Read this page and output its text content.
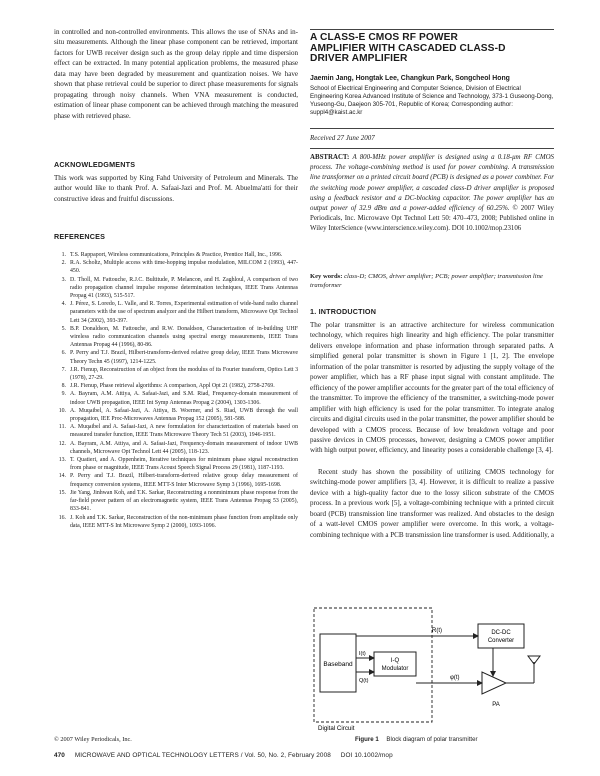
in controlled and non-controlled environments. This allows the use of SNAs and in-situ measurements. Although the linear phase component can be retrieved, important factors for UWB receiver design such as the group delay ripple and time dispersion effect can be extracted. In many potential application problems, the measured phase data may have been degraded by measurement and quantization noises. We have shown that phase retrieval could be superior to direct phase measurements for signals propagating through noisy channels. When VNA measurement is conducted, estimation of linear phase component can be achieved through matching the measured phase with retrieved phase.

ACKNOWLEDGMENTS

This work was supported by King Fahd University of Petroleum and Minerals. The author would like to thank Prof. A. Safaai-Jazi and Prof. M. Abuelma'atti for their constructive ideas and fruitful discussions.

REFERENCES

1. T.S. Rappaport, Wireless communications, Principles & Practice, Prentice Hall, Inc., 1996.
2. R.A. Scholtz, Multiple access with time-hopping impulse modulation, MILCOM 2 (1993), 447-450.
3. D. Tholl, M. Fattouche, R.J.C. Bultitude, P. Melancon, and H. Zaghloul, A comparison of two radio propagation channel impulse response determination techniques, IEEE Trans Antennas Propag 41 (1993), 515-517.
4. J. Pérez, S. Loredo, L. Valle, and R. Torres, Experimental estimation of wide-band radio channel parameters with the use of spectrum analyzer and the Hilbert transform, Microwave Opt Technol Lett 34 (2002), 393-397.
5. B.P. Donaldson, M. Fattouche, and R.W. Donaldson, Characterization of in-building UHF wireless radio communication channels using spectral energy measurements, IEEE Trans Antennas Propag 44 (1996), 80-86.
6. P. Perry and T.J. Brazil, Hilbert-transform-derived relative group delay, IEEE Trans Microwave Theory Techn 45 (1997), 1214-1225.
7. J.R. Fienup, Reconstruction of an object from the modulus of its Fourier transform, Optics Lett 3 (1978), 27-29.
8. J.R. Fienup, Phase retrieval algorithms: A comparison, Appl Opt 21 (1982), 2758-2769.
9. A. Bayram, A.M. Attiya, A. Safaai-Jazi, and S.M. Riad, Frequency-domain measurement of indoor UWB propagation, IEEE Int Symp Antennas Propag 2 (2004), 1303-1306.
10. A. Muqaibel, A. Safaai-Jazi, A. Attiya, B. Woerner, and S. Riad, UWB through the wall propagation, IEE Proc-Microwaves Antennas Propag 152 (2005), 581-588.
11. A. Muqaibel and A. Safaai-Jazi, A new formulation for characterization of materials based on measured transfer function, IEEE Trans Microwave Theory Tech 51 (2003), 1946-1951.
12. A. Bayram, A.M. Attiya, and A. Safaai-Jazi, Frequency-domain measurement of indoor UWB channels, Microwave Opt Technol Lett 44 (2005), 118-123.
13. T. Quatieri, and A. Oppenheim, Iterative techniques for minimum phase signal reconstruction from phase or magnitude, IEEE Trans Acoust Speech Signal Process 29 (1981), 1187-1193.
14. P. Perry and T.J. Brazil, Hilbert-transform-derived relative group delay measurement of frequency conversion systems, IEEE MTT-S Inter Microwave Symp 3 (1996), 1695-1698.
15. Jie Yang, Jinhwan Koh, and T.K. Sarkar, Reconstructing a nonminimum phase response from the far-field power pattern of an electromagnetic system, IEEE Trans Antennas Propag 53 (2005), 833-841.
16. J. Koh and T.K. Sarkar, Reconstruction of the non-minimum phase function from amplitude only data, IEEE MTT-S Int Microwave Symp 2 (2000), 1093-1096.
© 2007 Wiley Periodicals, Inc.

A CLASS-E CMOS RF POWER

AMPLIFIER WITH CASCADED CLASS-D

DRIVER AMPLIFIER

Jaemin Jang, Hongtak Lee, Changkun Park, Songcheol Hong

School of Electrical Engineering and Computer Science, Division of Electrical Engineering Korea Advanced Institute of Science and Technology, 373-1 Guseong-Dong, Yuseong-Gu, Daejeon 305-701, Republic of Korea; Corresponding author: suppl4@kaist.ac.kr

Received 27 June 2007

ABSTRACT: A 800-MHz power amplifier is designed using a 0.18-μm RF CMOS process. The voltage-combining method is used for power combining. A transmission line transformer on a printed circuit board (PCB) is designed as a power combiner. For the switching mode power amplifier, a cascaded class-D driver amplifier is proposed using a feedback resistor and a DC-blocking capacitor. The power amplifier has an output power of 32.9 dBm and a power-added efficiency of 60.25%. © 2007 Wiley Periodicals, Inc. Microwave Opt Technol Lett 50: 470–473, 2008; Published online in Wiley InterScience (www.interscience.wiley.com). DOI 10.1002/mop.23106

Key words: class-D; CMOS, driver amplifier; PCB; power amplifier; transmission line transformer

1. INTRODUCTION

The polar transmitter is an attractive architecture for wireless communication technology, which requires high linearity and high efficiency. The polar transmitter delivers envelope information and phase information through separated paths. A simplified general polar transmitter is shown in Figure 1 [1, 2]. The envelope information of the polar transmitter is resorted by adjusting the supply voltage of the power amplifier, which has a RF phase input signal with constant amplitude. The efficiency of the power amplifier accounts for the greater part of the total efficiency of the transmitter. To improve the efficiency of the transmitter, a switching-mode power amplifier with high efficiency is used for the polar transmitter. To integrate analog circuits and digital circuits used in the polar transmitter, the power amplifier should be developed with a CMOS process. Because of low breakdown voltage and poor passive devices in CMOS processes, however, designing a CMOS power amplifier with high output power, efficiency, and linearity poses a considerable challenge [3, 4].

Recent study has shown the possibility of utilizing CMOS technology for switching-mode power amplifiers [3, 4]. However, it is difficult to realize a passive device with a high-quality factor due to the lossy silicon substrate of the CMOS process. In a previous work [5], a voltage-combining technique with a printed circuit board (PCB) transmission line transformer was realized. And obstacles to the design of a watt-level CMOS power amplifier were overcome. In this work, a voltage-combining technique with a PCB transmission line transformer is used. Additionally, a

Baseband	I-Q
Modulator
DC-DC
Converter
PA
R(t)
I(t)
Q(t)	φ(t)
Digital Circuit
Figure 1 Block diagram of polar transmitter
470 MICROWAVE AND OPTICAL TECHNOLOGY LETTERS / Vol. 50, No. 2, February 2008 DOI 10.1002/mop
